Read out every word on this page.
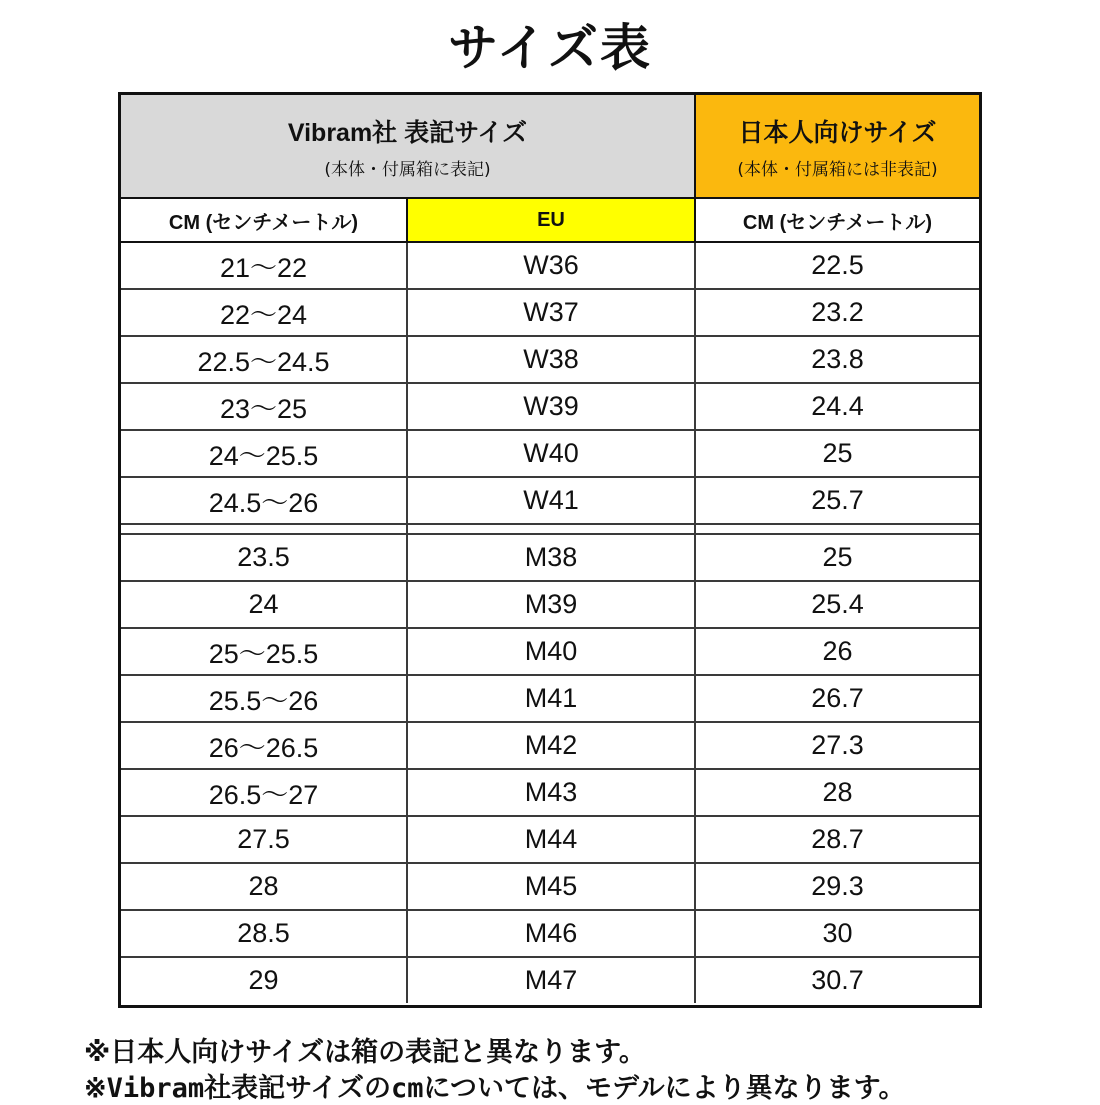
サイズ表
Vibram社 表記サイズ
(本体・付属箱に表記)
日本人向けサイズ
(本体・付属箱には非表記)
CM (センチメートル)	EU	CM (センチメートル)
21～22	W36	22.5
22～24	W37	23.2
22.5～24.5	W38	23.8
23～25	W39	24.4
24～25.5	W40	25
24.5～26	W41	25.7
23.5	M38	25
24	M39	25.4
25～25.5	M40	26
25.5～26	M41	26.7
26～26.5	M42	27.3
26.5～27	M43	28
27.5	M44	28.7
28	M45	29.3
28.5	M46	30
29	M47	30.7
※日本人向けサイズは箱の表記と異なります。
※Vibram社表記サイズのcmについては、モデルにより異なります。
